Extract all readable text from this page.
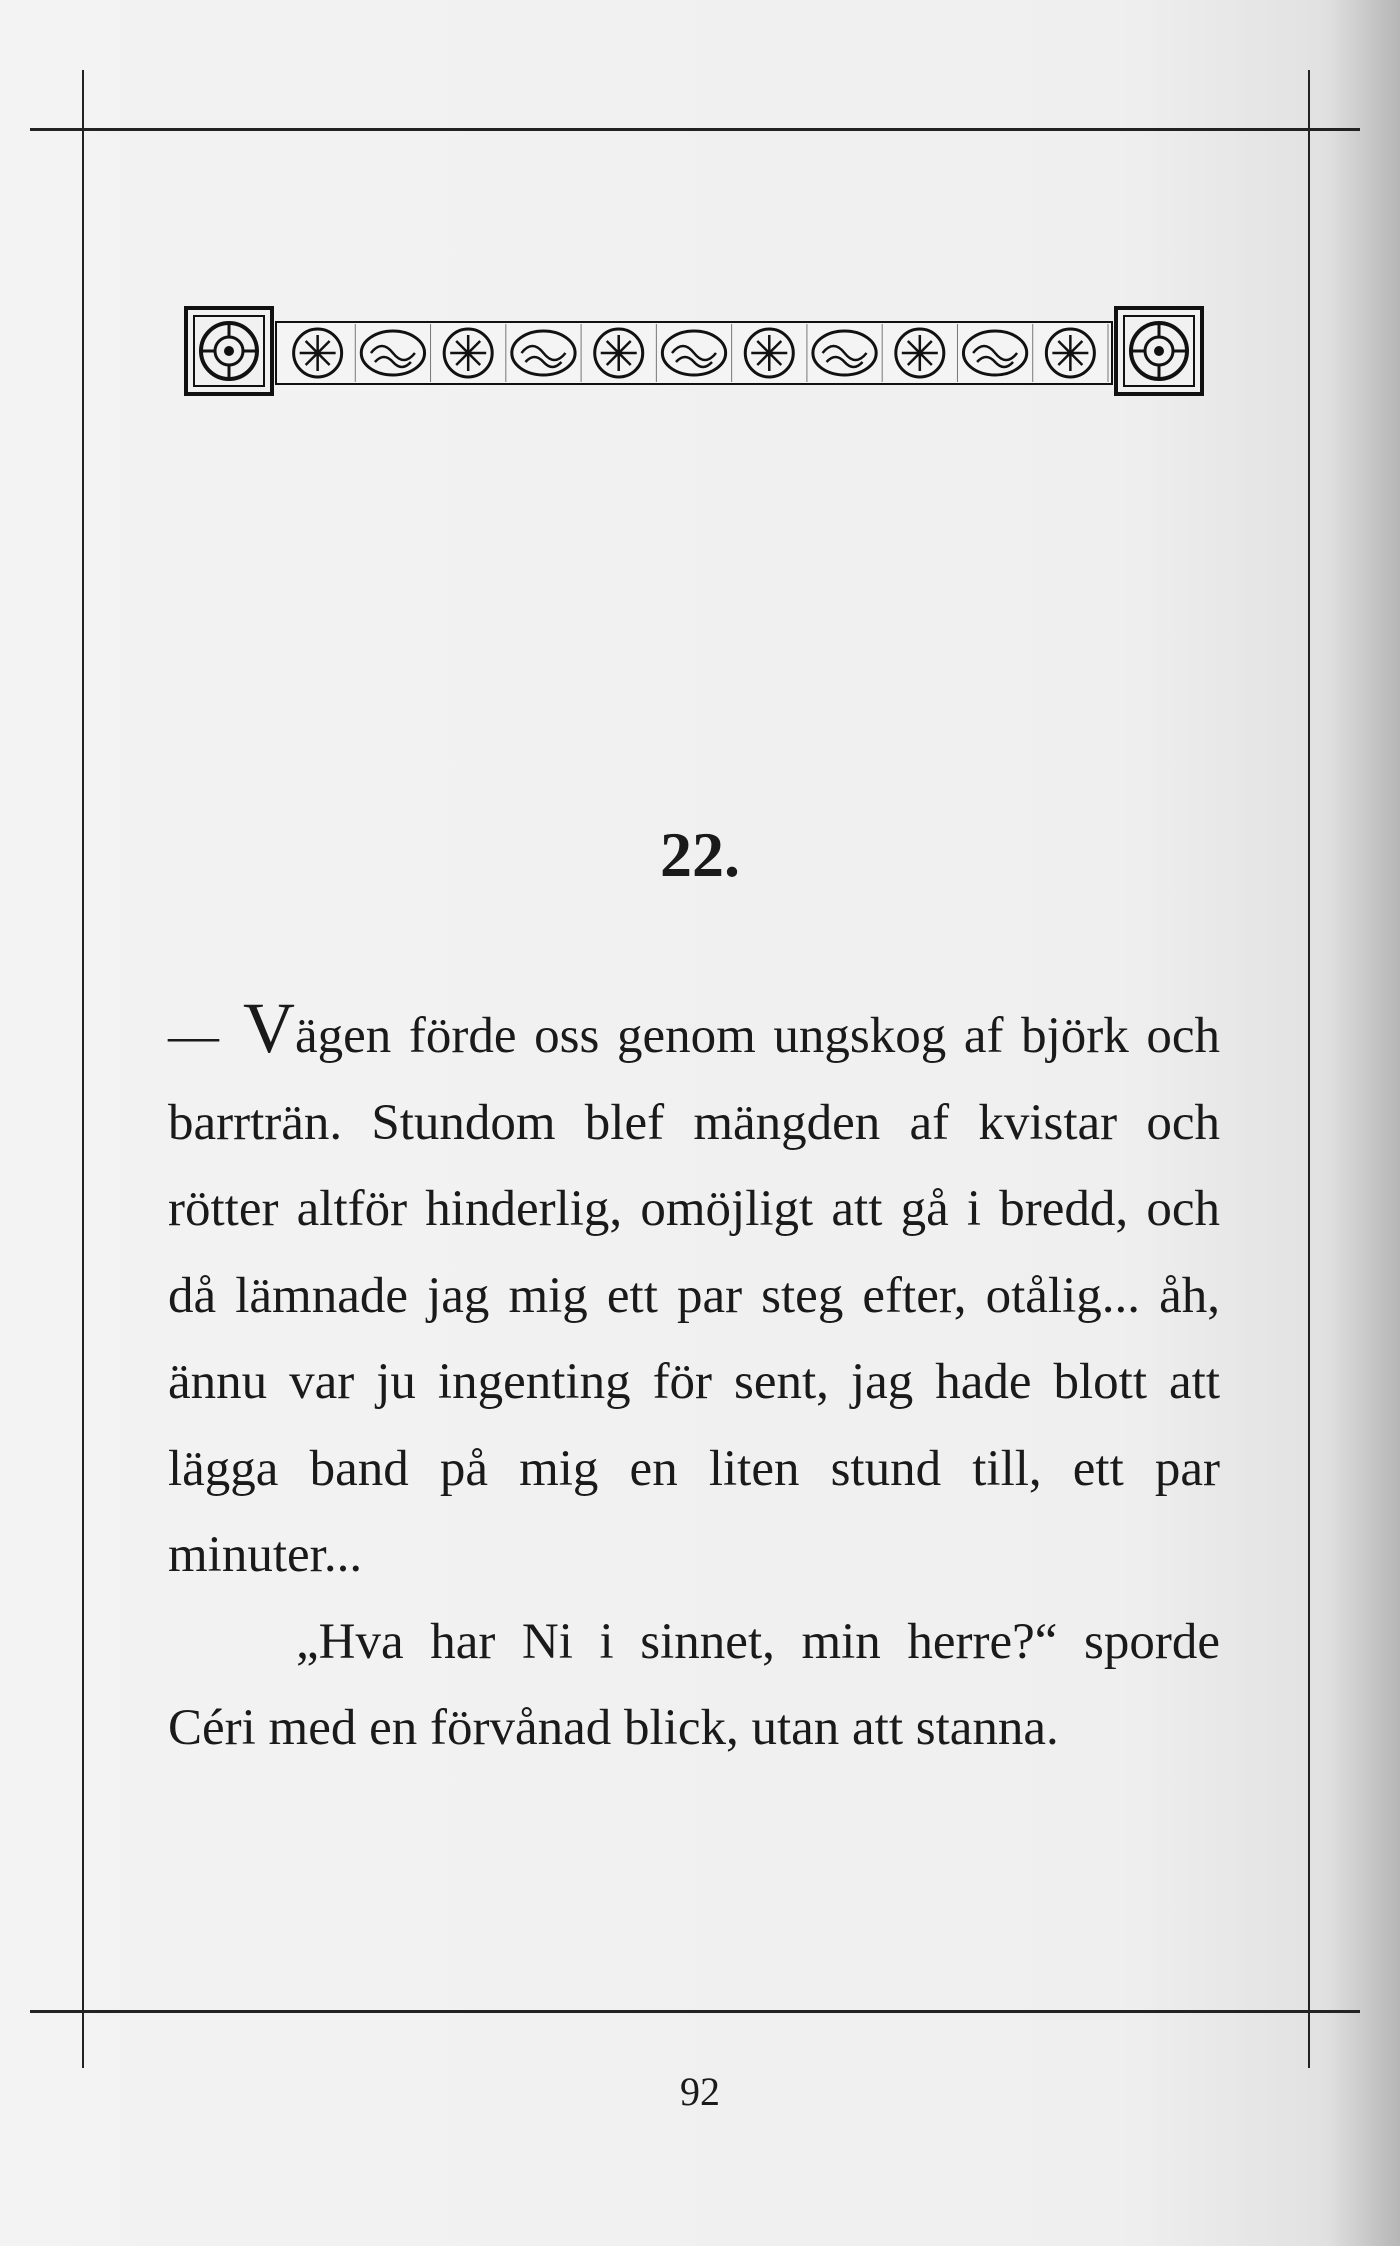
22.

— Vägen förde oss genom ungskog af björk och barrträn. Stundom blef mängden af kvistar och rötter altför hinderlig, omöjligt att gå i bredd, och då lämnade jag mig ett par steg efter, otålig... åh, ännu var ju ingenting för sent, jag hade blott att lägga band på mig en liten stund till, ett par minuter...

„Hva har Ni i sinnet, min herre?“ sporde Céri med en förvånad blick, utan att stanna.

92
